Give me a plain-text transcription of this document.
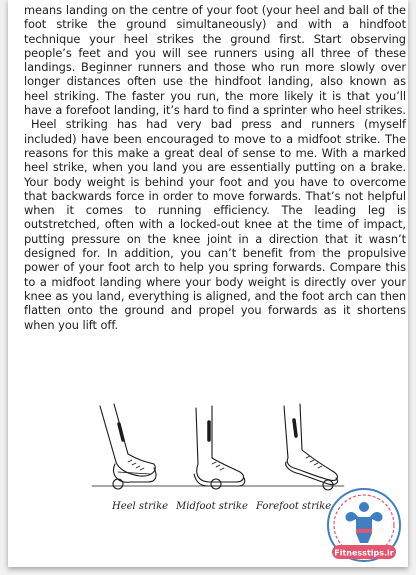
means landing on the centre of your foot (your heel and ball of the foot strike the ground simultaneously) and with a hindfoot technique your heel strikes the ground first. Start observing people’s feet and you will see runners using all three of these landings. Beginner runners and those who run more slowly over longer distances often use the hindfoot landing, also known as heel striking. The faster you run, the more likely it is that you’ll have a forefoot landing, it’s hard to find a sprinter who heel strikes.

Heel striking has had very bad press and runners (myself included) have been encouraged to move to a midfoot strike. The reasons for this make a great deal of sense to me. With a marked heel strike, when you land you are essentially putting on a brake. Your body weight is behind your foot and you have to overcome that backwards force in order to move forwards. That’s not helpful when it comes to running efficiency. The leading leg is outstretched, often with a locked-out knee at the time of impact, putting pressure on the knee joint in a direction that it wasn’t designed for. In addition, you can’t benefit from the propulsive power of your foot arch to help you spring forwards. Compare this to a midfoot landing where your body weight is directly over your knee as you land, everything is aligned, and the foot arch can then flatten onto the ground and propel you forwards as it shortens when you lift off.

Heel strike Midfoot strike Forefoot strike
Fitnesstips.ir
